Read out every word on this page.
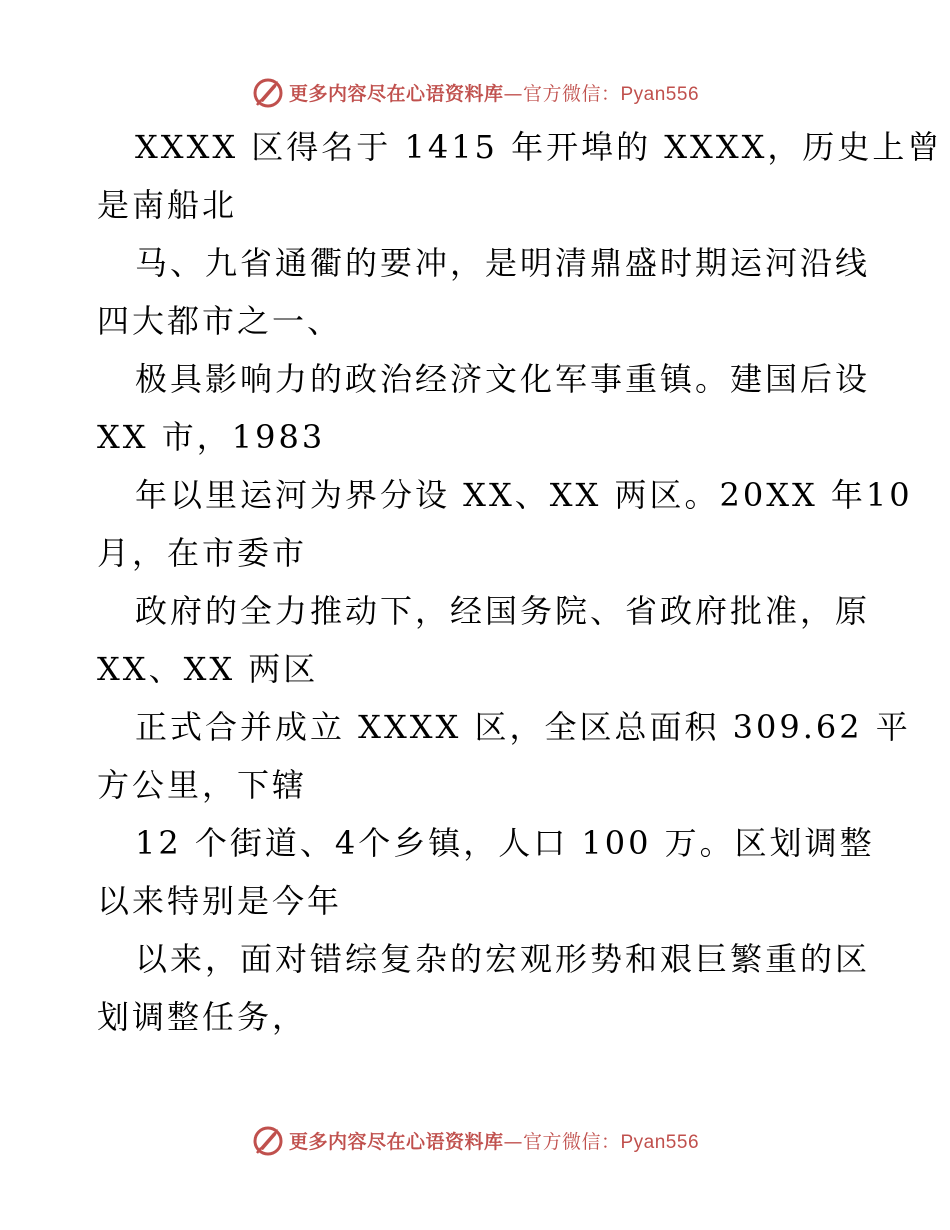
更多内容尽在心语资料库—官方微信：Pyan556
XXXX 区得名于 1415 年开埠的 XXXX，历史上曾
是南船北
马、九省通衢的要冲，是明清鼎盛时期运河沿线
四大都市之一、
极具影响力的政治经济文化军事重镇。建国后设
XX 市，1983
年以里运河为界分设 XX、XX 两区。20XX 年10
月，在市委市
政府的全力推动下，经国务院、省政府批准，原
XX、XX 两区
正式合并成立 XXXX 区，全区总面积 309.62 平
方公里，下辖
12 个街道、4个乡镇，人口 100 万。区划调整
以来特别是今年
以来，面对错综复杂的宏观形势和艰巨繁重的区
划调整任务，
更多内容尽在心语资料库—官方微信：Pyan556
